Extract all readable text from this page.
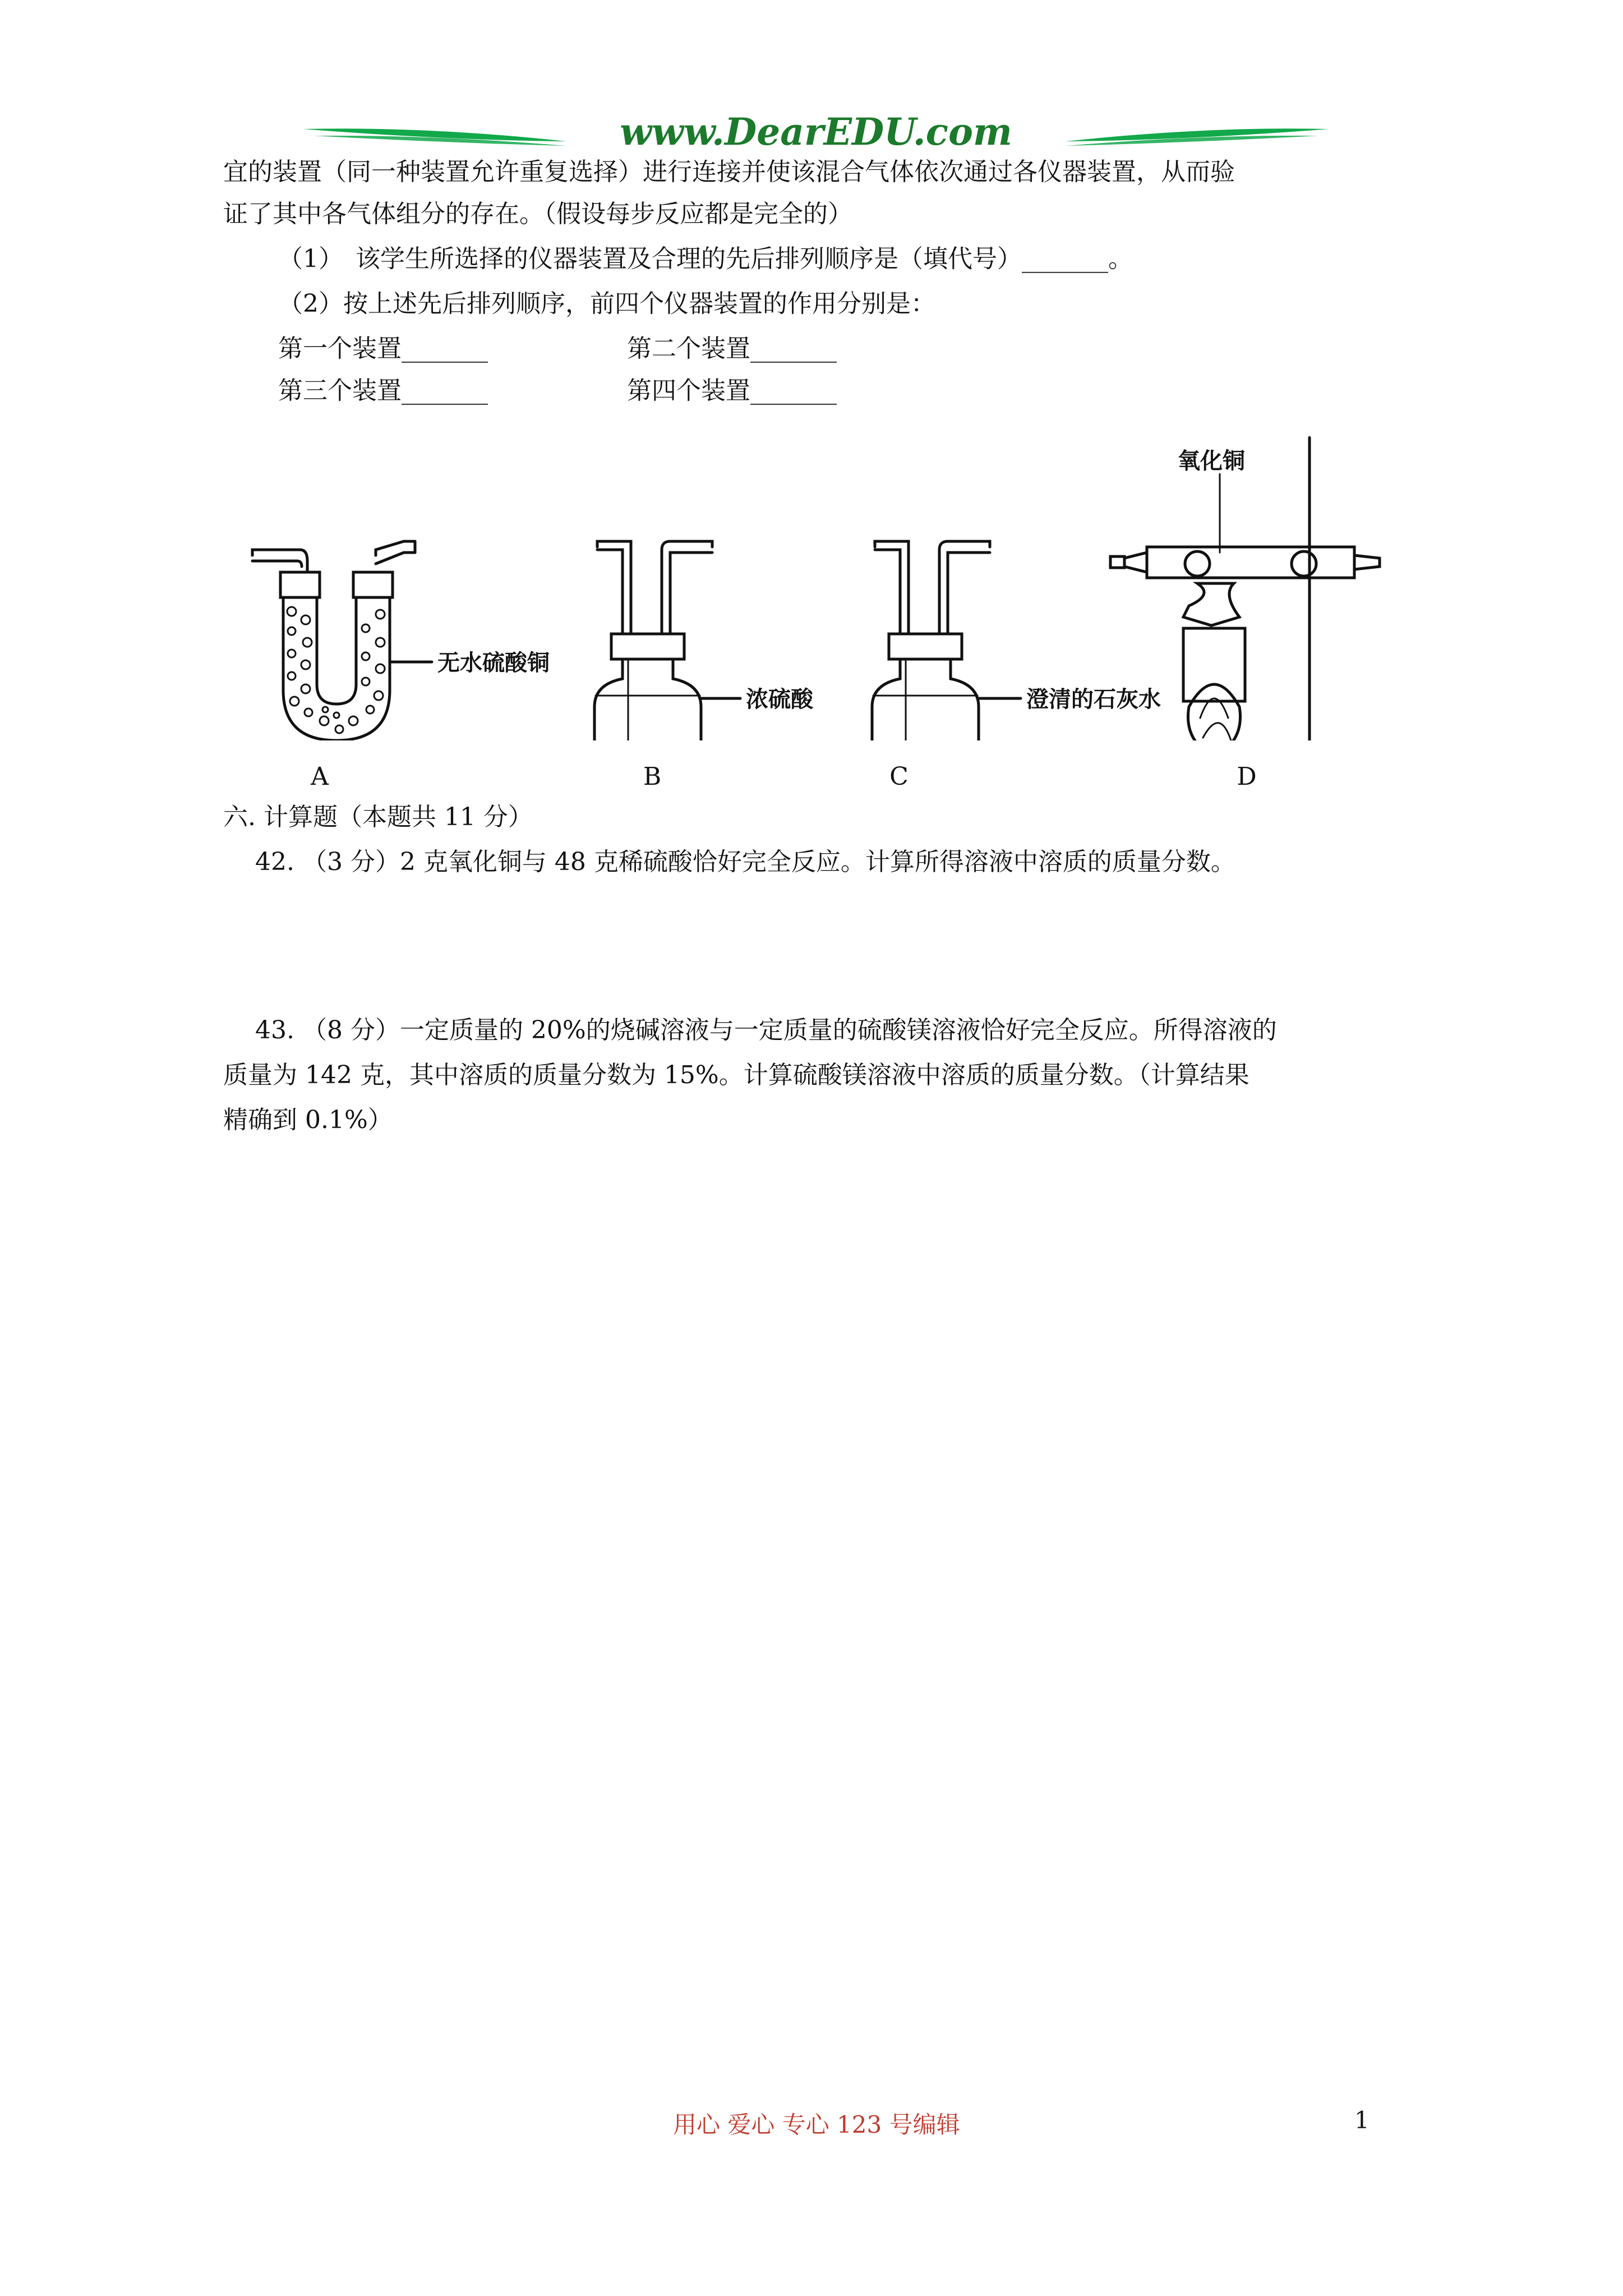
www.DearEDU.com
宜的装置（同一种装置允许重复选择）进行连接并使该混合气体依次通过各仪器装置，从而验
证了其中各气体组分的存在。（假设每步反应都是完全的）
（1）　该学生所选择的仪器装置及合理的先后排列顺序是（填代号）_______。
（2）按上述先后排列顺序，前四个仪器装置的作用分别是：
第一个装置_______	第二个装置_______
第三个装置_______	第四个装置_______
无水硫酸铜
浓硫酸	澄清的石灰水
氧化铜
A	B	C	D
六. 计算题（本题共 11 分）
42. （3 分）2 克氧化铜与 48 克稀硫酸恰好完全反应。计算所得溶液中溶质的质量分数。
43. （8 分）一定质量的 20%的烧碱溶液与一定质量的硫酸镁溶液恰好完全反应。所得溶液的
质量为 142 克，其中溶质的质量分数为 15%。计算硫酸镁溶液中溶质的质量分数。（计算结果
精确到 0.1%）
用心 爱心 专心 123 号编辑	1
